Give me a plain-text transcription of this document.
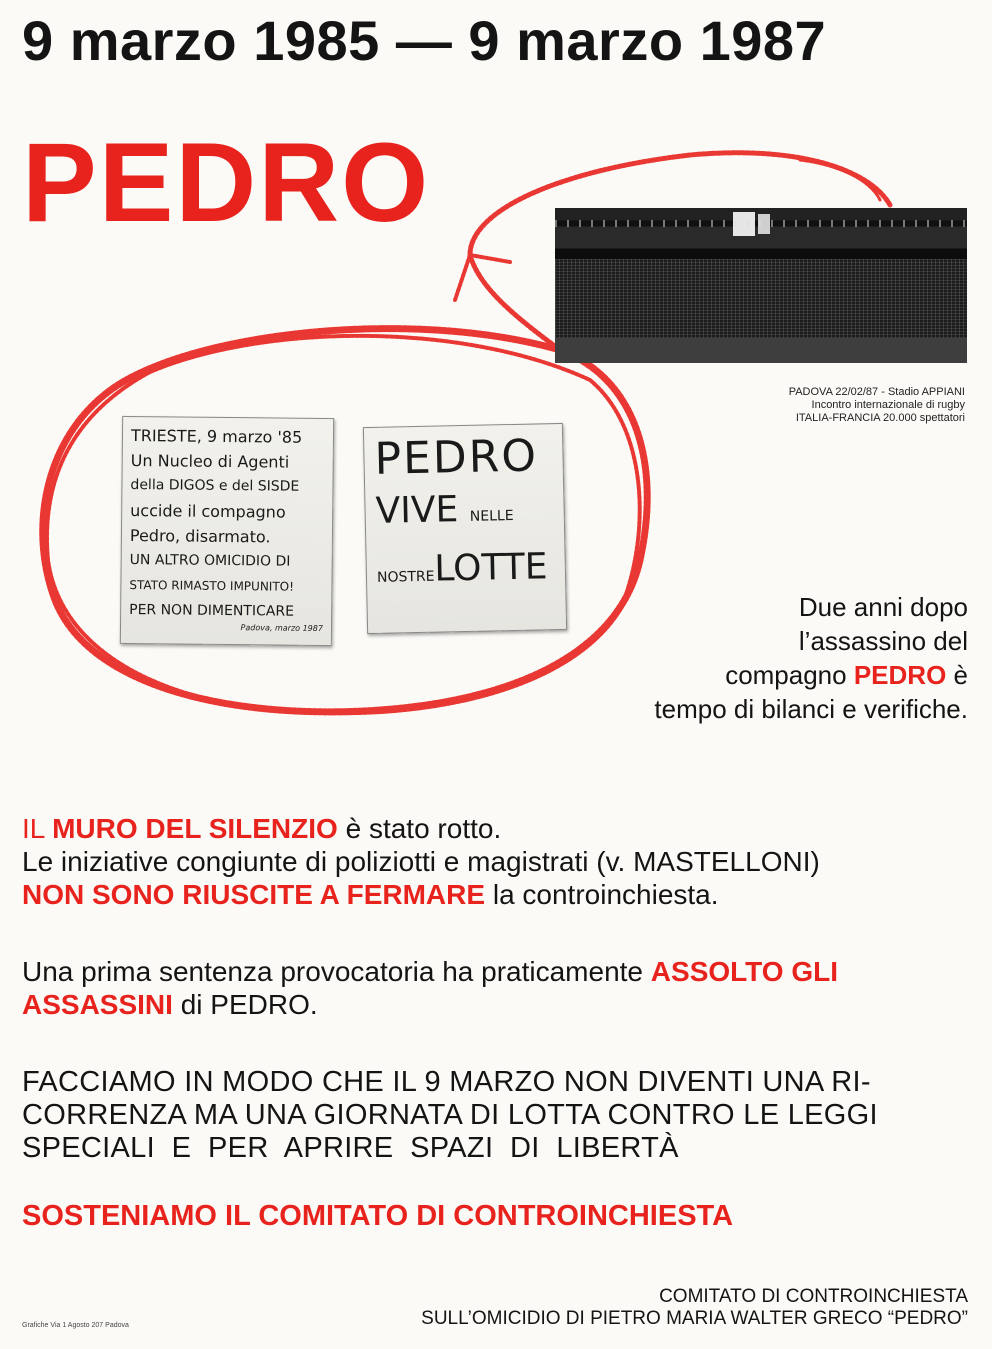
9 marzo 1985 — 9 marzo 1987
PEDRO
PADOVA 22/02/87 - Stadio APPIANI
Incontro internazionale di rugby
ITALIA-FRANCIA 20.000 spettatori
TRIESTE, 9 marzo '85
Un Nucleo di Agenti
della DIGOS e del SISDE
uccide il compagno
Pedro, disarmato.
UN ALTRO OMICIDIO DI
STATO RIMASTO IMPUNITO!
PER NON DIMENTICARE
Padova, marzo 1987
PEDRO
VIVE NELLE
NOSTRELOTTE
Due anni dopo
l’assassino del
compagno PEDRO è
tempo di bilanci e verifiche.
IL MURO DEL SILENZIO è stato rotto.
Le iniziative congiunte di poliziotti e magistrati (v. MASTELLONI)
NON SONO RIUSCITE A FERMARE la controinchiesta.
Una prima sentenza provocatoria ha praticamente ASSOLTO GLI
ASSASSINI di PEDRO.
FACCIAMO IN MODO CHE IL 9 MARZO NON DIVENTI UNA RI-
CORRENZA MA UNA GIORNATA DI LOTTA CONTRO LE LEGGI
SPECIALI  E  PER  APRIRE  SPAZI  DI  LIBERTÀ
SOSTENIAMO IL COMITATO DI CONTROINCHIESTA
COMITATO DI CONTROINCHIESTA
SULL’OMICIDIO DI PIETRO MARIA WALTER GRECO “PEDRO”
Grafiche Via 1 Agosto 207 Padova
